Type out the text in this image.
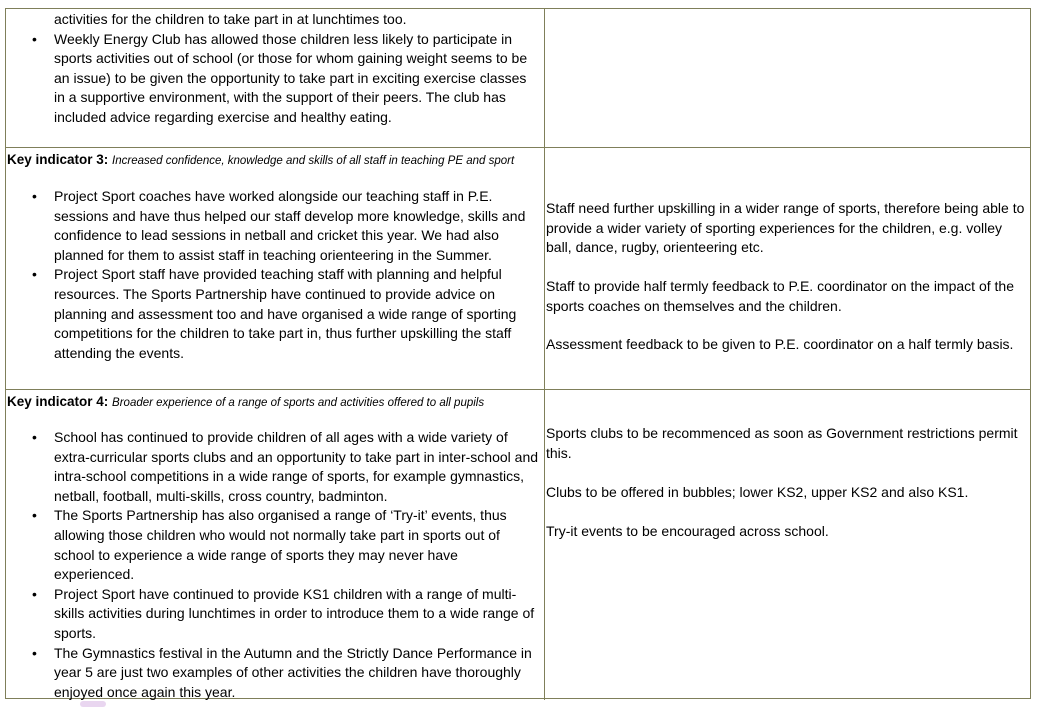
activities for the children to take part in at lunchtimes too.
• Weekly Energy Club has allowed those children less likely to participate in sports activities out of school (or those for whom gaining weight seems to be an issue) to be given the opportunity to take part in exciting exercise classes in a supportive environment, with the support of their peers. The club has included advice regarding exercise and healthy eating.
Key indicator 3: Increased confidence, knowledge and skills of all staff in teaching PE and sport
• Project Sport coaches have worked alongside our teaching staff in P.E. sessions and have thus helped our staff develop more knowledge, skills and confidence to lead sessions in netball and cricket this year. We had also planned for them to assist staff in teaching orienteering in the Summer.
• Project Sport staff have provided teaching staff with planning and helpful resources. The Sports Partnership have continued to provide advice on planning and assessment too and have organised a wide range of sporting competitions for the children to take part in, thus further upskilling the staff attending the events.

Staff need further upskilling in a wider range of sports, therefore being able to provide a wider variety of sporting experiences for the children, e.g. volley ball, dance, rugby, orienteering etc.

Staff to provide half termly feedback to P.E. coordinator on the impact of the sports coaches on themselves and the children.

Assessment feedback to be given to P.E. coordinator on a half termly basis.

Key indicator 4: Broader experience of a range of sports and activities offered to all pupils
• School has continued to provide children of all ages with a wide variety of extra-curricular sports clubs and an opportunity to take part in inter-school and intra-school competitions in a wide range of sports, for example gymnastics, netball, football, multi-skills, cross country, badminton.
• The Sports Partnership has also organised a range of ‘Try-it’ events, thus allowing those children who would not normally take part in sports out of school to experience a wide range of sports they may never have experienced.
• Project Sport have continued to provide KS1 children with a range of multi-skills activities during lunchtimes in order to introduce them to a wide range of sports.
• The Gymnastics festival in the Autumn and the Strictly Dance Performance in year 5 are just two examples of other activities the children have thoroughly enjoyed once again this year.

Sports clubs to be recommenced as soon as Government restrictions permit this.

Clubs to be offered in bubbles; lower KS2, upper KS2 and also KS1.

Try-it events to be encouraged across school.
